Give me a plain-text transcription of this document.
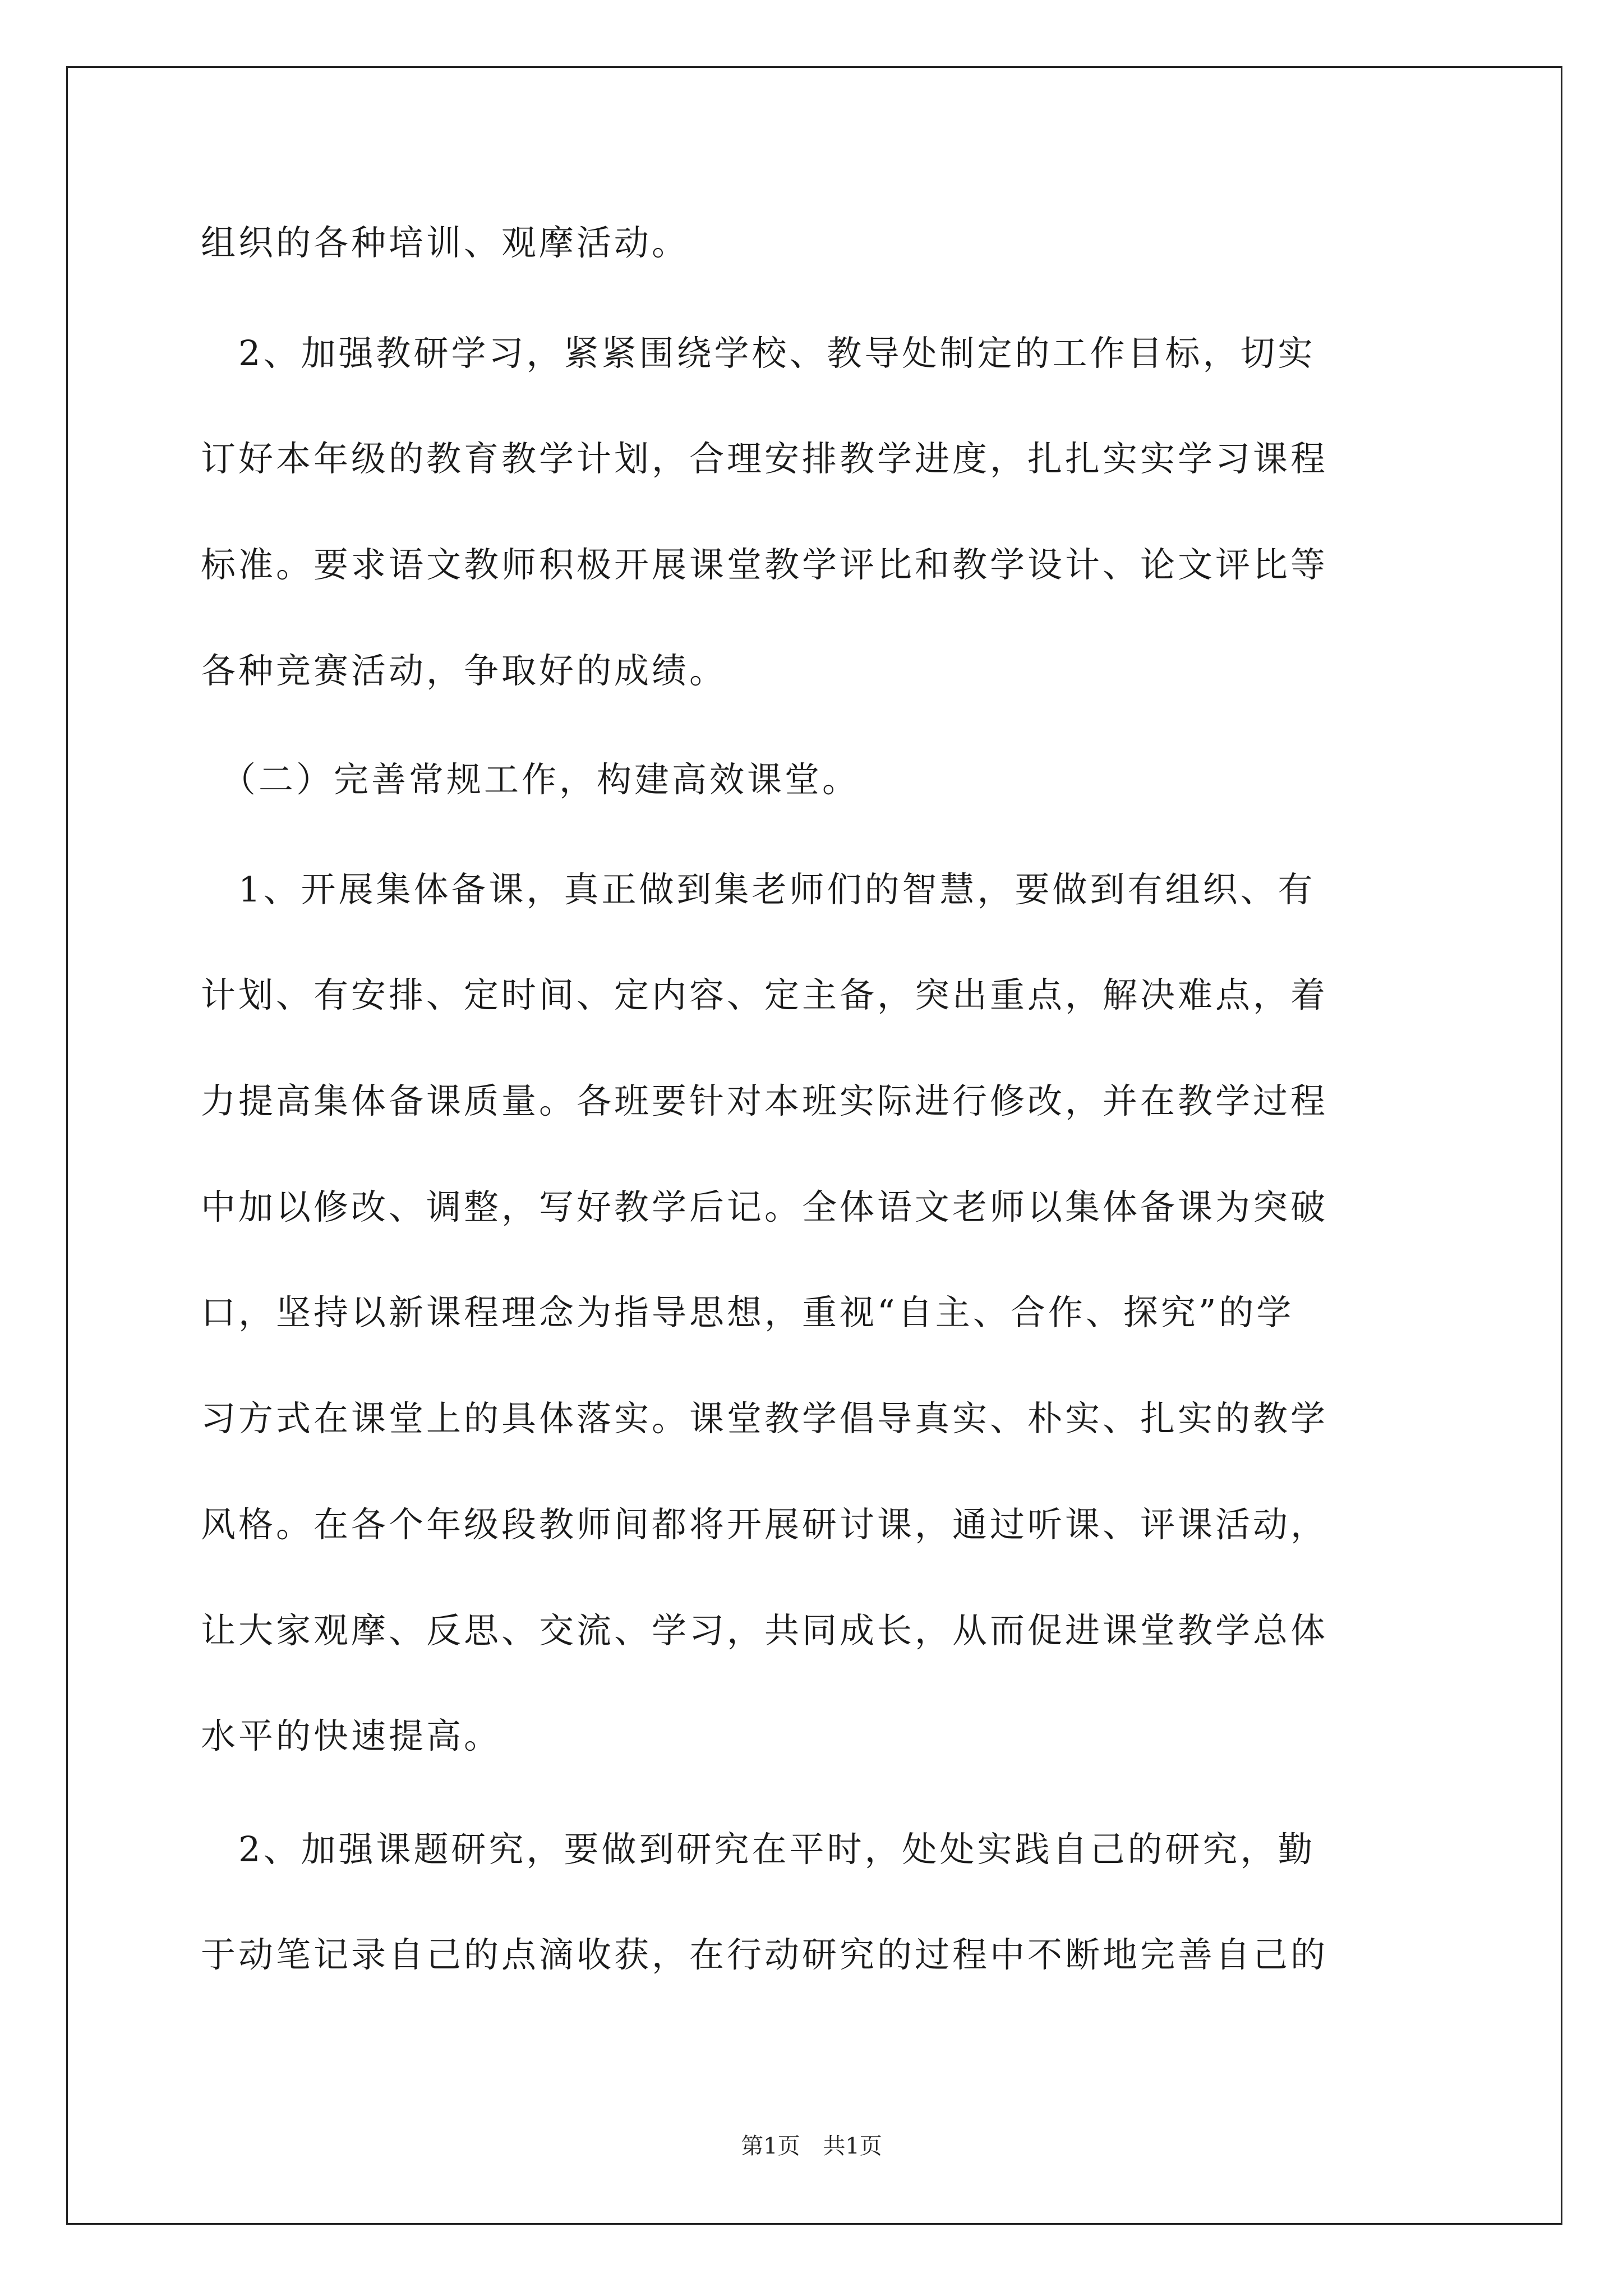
组织的各种培训、观摩活动。
　2、加强教研学习，紧紧围绕学校、教导处制定的工作目标，切实
订好本年级的教育教学计划，合理安排教学进度，扎扎实实学习课程
标准。要求语文教师积极开展课堂教学评比和教学设计、论文评比等
各种竞赛活动，争取好的成绩。
　（二）完善常规工作，构建高效课堂。
　1、开展集体备课，真正做到集老师们的智慧，要做到有组织、有
计划、有安排、定时间、定内容、定主备，突出重点，解决难点，着
力提高集体备课质量。各班要针对本班实际进行修改，并在教学过程
中加以修改、调整，写好教学后记。全体语文老师以集体备课为突破
口，坚持以新课程理念为指导思想，重视“自主、合作、探究”的学
习方式在课堂上的具体落实。课堂教学倡导真实、朴实、扎实的教学
风格。在各个年级段教师间都将开展研讨课，通过听课、评课活动，
让大家观摩、反思、交流、学习，共同成长，从而促进课堂教学总体
水平的快速提高。
　2、加强课题研究，要做到研究在平时，处处实践自己的研究，勤
于动笔记录自己的点滴收获，在行动研究的过程中不断地完善自己的
第1页 共1页
